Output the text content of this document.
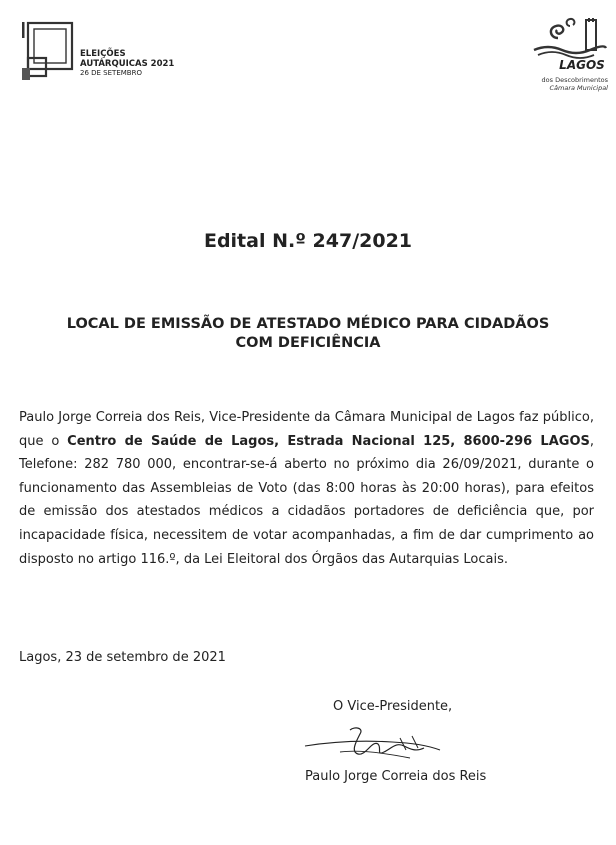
ELEIÇÕES
AUTÁRQUICAS 2021
26 DE SETEMBRO
LAGOS
dos Descobrimentos
Câmara Municipal
Edital N.º 247/2021
LOCAL DE EMISSÃO DE ATESTADO MÉDICO PARA CIDADÃOS
COM DEFICIÊNCIA
Paulo Jorge Correia dos Reis, Vice-Presidente da Câmara Municipal de Lagos faz público, que o Centro de Saúde de Lagos, Estrada Nacional 125, 8600-296 LAGOS, Telefone: 282 780 000, encontrar-se-á aberto no próximo dia 26/09/2021, durante o funcionamento das Assembleias de Voto (das 8:00 horas às 20:00 horas), para efeitos de emissão dos atestados médicos a cidadãos portadores de deficiência que, por incapacidade física, necessitem de votar acompanhadas, a fim de dar cumprimento ao disposto no artigo 116.º, da Lei Eleitoral dos Órgãos das Autarquias Locais.
Lagos, 23 de setembro de 2021
O Vice-Presidente,
Paulo Jorge Correia dos Reis
